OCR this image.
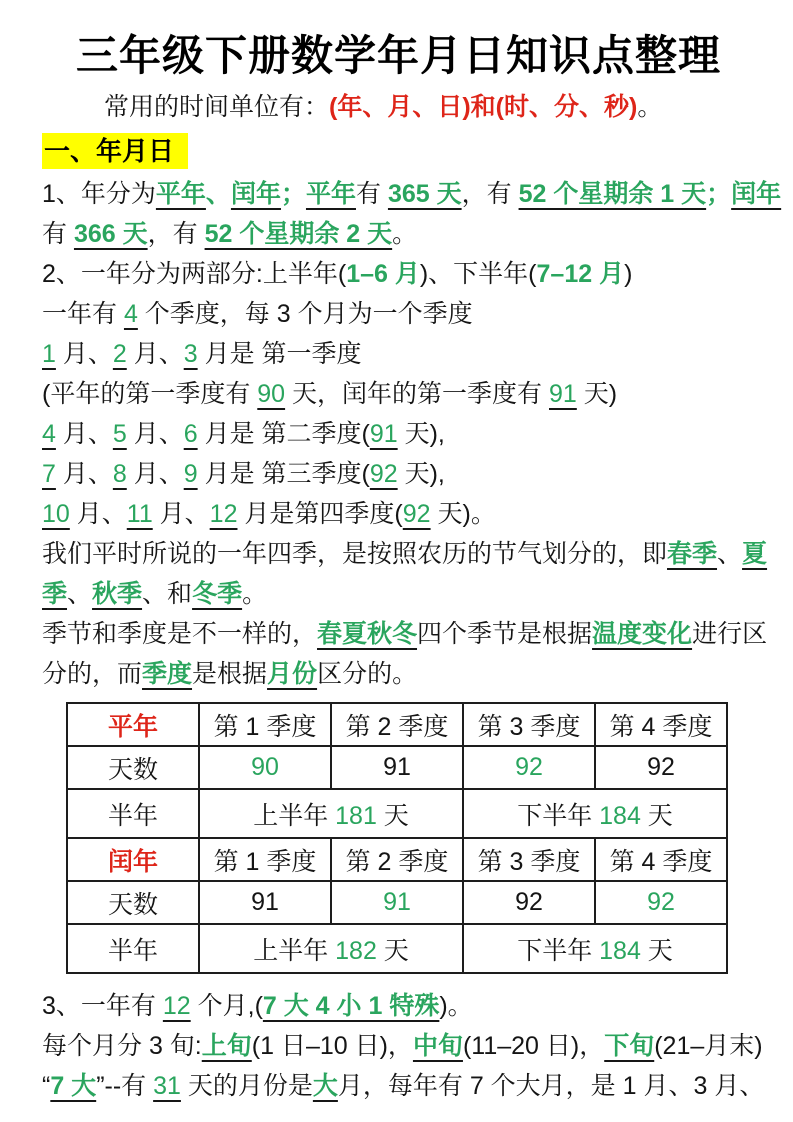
三年级下册数学年月日知识点整理

常用的时间单位有：(年、月、日)和(时、分、秒)。

一、年月日
1、年分为平年、闰年；平年有 365 天，有 52 个星期余 1 天；闰年
有 366 天，有 52 个星期余 2 天。
2、一年分为两部分:上半年(1–6 月)、下半年(7–12 月)
一年有 4 个季度，每 3 个月为一个季度
1 月、2 月、3 月是 第一季度
(平年的第一季度有 90 天，闰年的第一季度有 91 天)
4 月、5 月、6 月是 第二季度(91 天),
7 月、8 月、9 月是 第三季度(92 天),
10 月、11 月、12 月是第四季度(92 天)。
我们平时所说的一年四季，是按照农历的节气划分的，即春季、夏
季、秋季、和冬季。
季节和季度是不一样的，春夏秋冬四个季节是根据温度变化进行区
分的，而季度是根据月份区分的。
平年	第 1 季度	第 2 季度	第 3 季度	第 4 季度
天数	90	91	92	92
半年	上半年 181 天		下半年 184 天	
闰年	第 1 季度	第 2 季度	第 3 季度	第 4 季度
天数	91	91	92	92
半年	上半年 182 天		下半年 184 天	
3、一年有 12 个月,(7 大 4 小 1 特殊)。
每个月分 3 旬:上旬(1 日–10 日)，中旬(11–20 日)，下旬(21–月末)
“7 大”--有 31 天的月份是大月，每年有 7 个大月，是 1 月、3 月、
